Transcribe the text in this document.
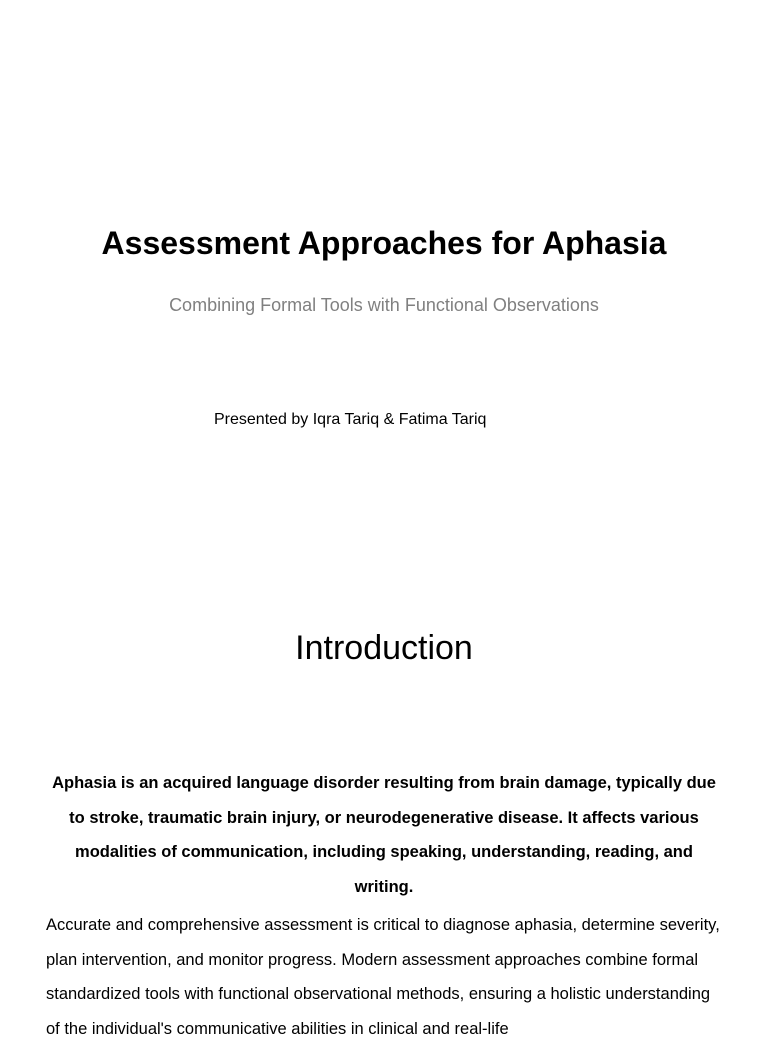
Assessment Approaches for Aphasia

Combining Formal Tools with Functional Observations

Presented by Iqra Tariq & Fatima Tariq

Introduction

Aphasia is an acquired language disorder resulting from brain damage, typically due to stroke, traumatic brain injury, or neurodegenerative disease. It affects various modalities of communication, including speaking, understanding, reading, and writing.

Accurate and comprehensive assessment is critical to diagnose aphasia, determine severity, plan intervention, and monitor progress. Modern assessment approaches combine formal standardized tools with functional observational methods, ensuring a holistic understanding of the individual's communicative abilities in clinical and real-life
